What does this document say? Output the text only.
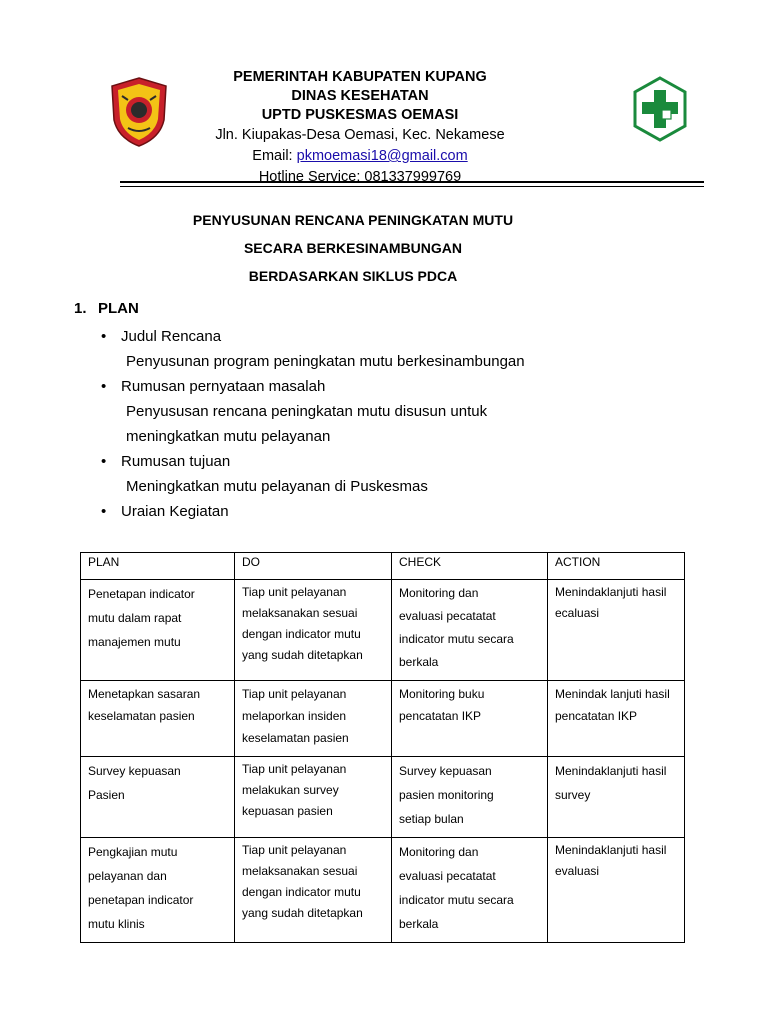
PEMERINTAH KABUPATEN KUPANG
DINAS KESEHATAN
UPTD PUSKESMAS OEMASI
Jln. Kiupakas-Desa Oemasi, Kec. Nekamese
Email: pkmoemasi18@gmail.com
Hotline Service: 081337999769
PENYUSUNAN RENCANA PENINGKATAN MUTU
SECARA BERKESINAMBUNGAN
BERDASARKAN SIKLUS PDCA
1. PLAN
• Judul Rencana
Penyusunan program peningkatan mutu berkesinambungan
• Rumusan pernyataan masalah
Penyususan rencana peningkatan mutu disusun untuk
meningkatkan mutu pelayanan
• Rumusan tujuan
Meningkatkan mutu pelayanan di Puskesmas
• Uraian Kegiatan
PLAN	DO	CHECK	ACTION

Penetapan indicator
mutu dalam rapat
manajemen mutu	Tiap unit pelayanan
melaksanakan sesuai
dengan indicator mutu
yang sudah ditetapkan	Monitoring dan
evaluasi pecatatat
indicator mutu secara
berkala	Menindaklanjuti hasil
ecaluasi

Menetapkan sasaran
keselamatan pasien	Tiap unit pelayanan
melaporkan insiden
keselamatan pasien	Monitoring buku
pencatatan IKP	Menindak lanjuti hasil
pencatatan IKP

Survey kepuasan
Pasien	Tiap unit pelayanan
melakukan survey
kepuasan pasien	Survey kepuasan
pasien monitoring
setiap bulan	Menindaklanjuti hasil
survey

Pengkajian mutu
pelayanan dan
penetapan indicator
mutu klinis	Tiap unit pelayanan
melaksanakan sesuai
dengan indicator mutu
yang sudah ditetapkan	Monitoring dan
evaluasi pecatatat
indicator mutu secara
berkala	Menindaklanjuti hasil
evaluasi
